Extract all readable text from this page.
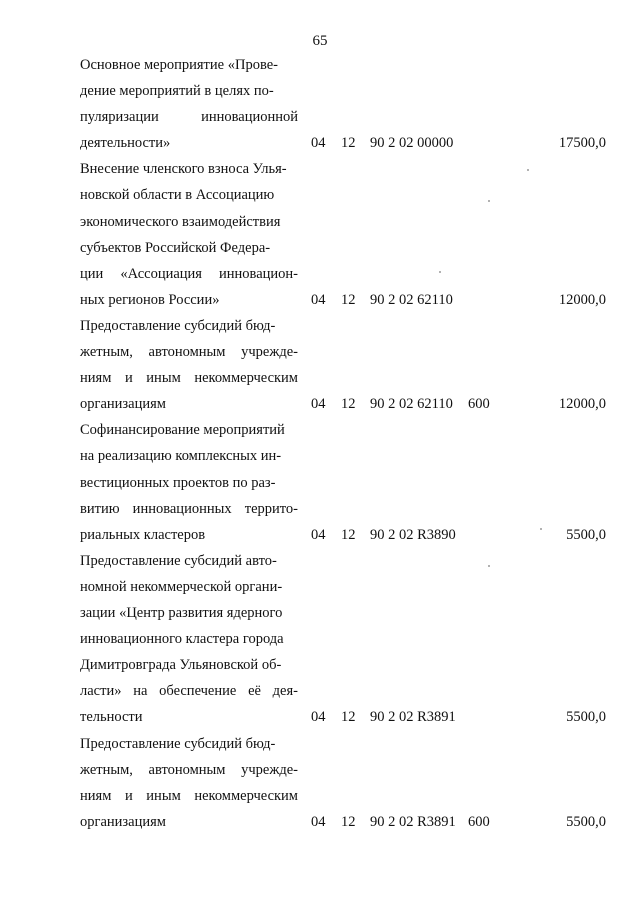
65
Основное мероприятие «Прове-
дение мероприятий в целях по-
пуляризации инновационной
деятельности»	04 12 90 2 02 00000	17500,0
Внесение членского взноса Улья-
новской области в Ассоциацию
экономического взаимодействия
субъектов Российской Федера-
ции «Ассоциация инновацион-
ных регионов России»	04 12 90 2 02 62110	12000,0
Предоставление субсидий бюд-
жетным, автономным учрежде-
ниям и иным некоммерческим
организациям	04 12 90 2 02 62110 600	12000,0
Софинансирование мероприятий
на реализацию комплексных ин-
вестиционных проектов по раз-
витию инновационных террито-
риальных кластеров	04 12 90 2 02 R3890	5500,0
Предоставление субсидий авто-
номной некоммерческой органи-
зации «Центр развития ядерного
инновационного кластера города
Димитровграда Ульяновской об-
ласти» на обеспечение её дея-
тельности	04 12 90 2 02 R3891	5500,0
Предоставление субсидий бюд-
жетным, автономным учрежде-
ниям и иным некоммерческим
организациям	04 12 90 2 02 R3891 600	5500,0
